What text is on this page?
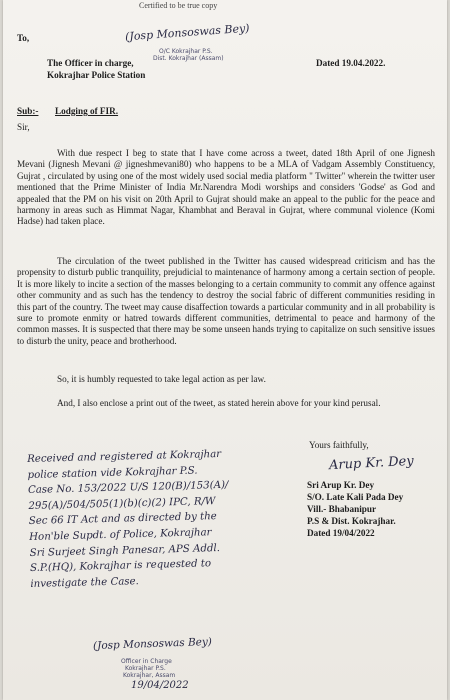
Certified to be true copy
To,	(Josp Monsoswas Bey)
O/C Kokrajhar P.S.
Dist. Kokrajhar (Assam)
The Officer in charge,
Kokrajhar Police Station
Dated 19.04.2022.
Sub:- Lodging of FIR.
Sir,

With due respect I beg to state that I have come across a tweet, dated 18th April of one Jignesh Mevani (Jignesh Mevani @ jigneshmevani80) who happens to be a MLA of Vadgam Assembly Constituency, Gujrat , circulated by using one of the most widely used social media platform " Twitter" wherein the twitter user mentioned that the Prime Minister of India Mr.Narendra Modi worships and considers 'Godse' as God and appealed that the PM on his visit on 20th April to Gujrat should make an appeal to the public for the peace and harmony in areas such as Himmat Nagar, Khambhat and Beraval in Gujrat, where communal violence (Komi Hadse) had taken place.

The circulation of the tweet published in the Twitter has caused widespread criticism and has the propensity to disturb public tranquility, prejudicial to maintenance of harmony among a certain section of people. It is more likely to incite a section of the masses belonging to a certain community to commit any offence against other community and as such has the tendency to destroy the social fabric of different communities residing in this part of the country. The tweet may cause disaffection towards a particular community and in all probability is sure to promote enmity or hatred towards different communities, detrimental to peace and harmony of the common masses. It is suspected that there may be some unseen hands trying to capitalize on such sensitive issues to disturb the unity, peace and brotherhood.

So, it is humbly requested to take legal action as per law.

And, I also enclose a print out of the tweet, as stated herein above for your kind perusal.

Yours faithfully,
Arup Kr. Dey
Sri Arup Kr. Dey
S/O. Late Kali Pada Dey
Vill.- Bhabanipur
P.S & Dist. Kokrajhar.
Dated 19/04/2022
Received and registered at Kokrajhar
police station vide Kokrajhar P.S.
Case No. 153/2022 U/S 120(B)/153(A)/
295(A)/504/505(1)(b)(c)(2) IPC, R/W
Sec 66 IT Act and as directed by the
Hon'ble Supdt. of Police, Kokrajhar
Sri Surjeet Singh Panesar, APS Addl.
S.P.(HQ), Kokrajhar is requested to
investigate the Case.
(Josp Monsoswas Bey)
Officer in Charge
Kokrajhar P.S.
Kokrajhar, Assam
19/04/2022
